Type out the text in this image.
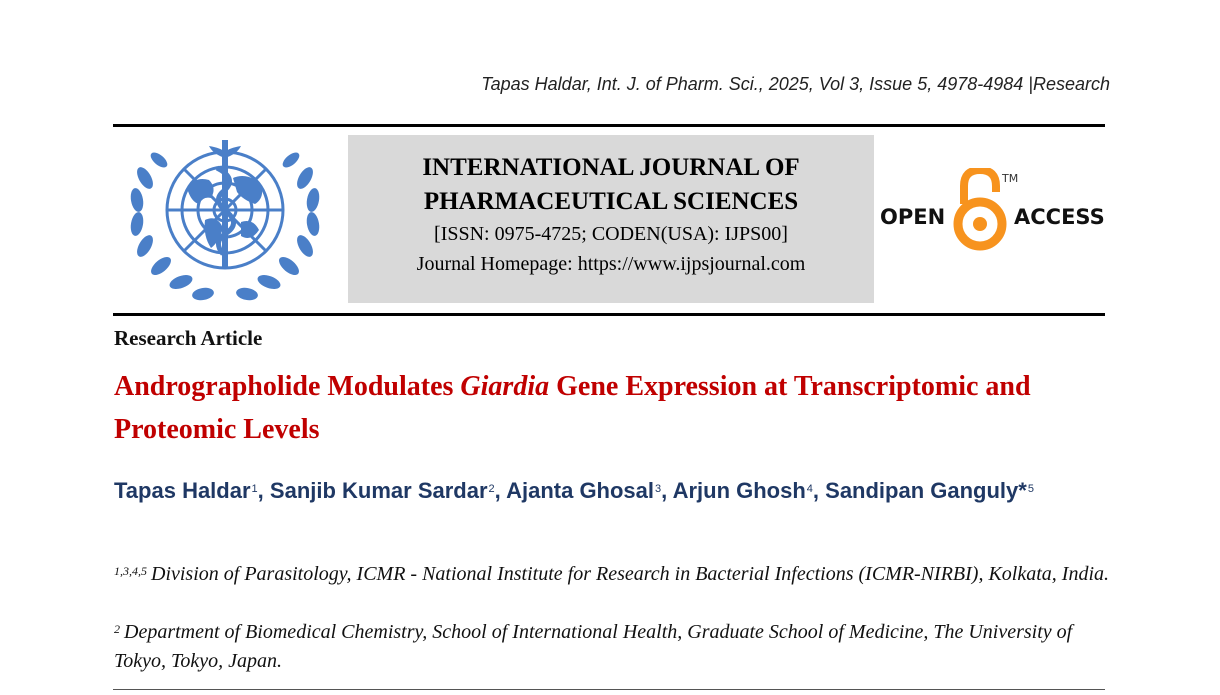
Tapas Haldar, Int. J. of Pharm. Sci., 2025, Vol 3, Issue 5, 4978-4984 |Research
INTERNATIONAL JOURNAL OF
PHARMACEUTICAL SCIENCES
[ISSN: 0975-4725; CODEN(USA): IJPS00]
Journal Homepage: https://www.ijpsjournal.com
OPEN	ACCESS
TM
Research Article
Andrographolide Modulates Giardia Gene Expression at Transcriptomic and Proteomic Levels
Tapas Haldar$^1$, Sanjib Kumar Sardar$^2$, Ajanta Ghosal$^3$, Arjun Ghosh$^4$, Sandipan Ganguly*$^5$
$^{1,3,4,5}$ Division of Parasitology, ICMR - National Institute for Research in Bacterial Infections (ICMR-NIRBI), Kolkata, India.
$^2$ Department of Biomedical Chemistry, School of International Health, Graduate School of Medicine, The University of Tokyo, Tokyo, Japan.
